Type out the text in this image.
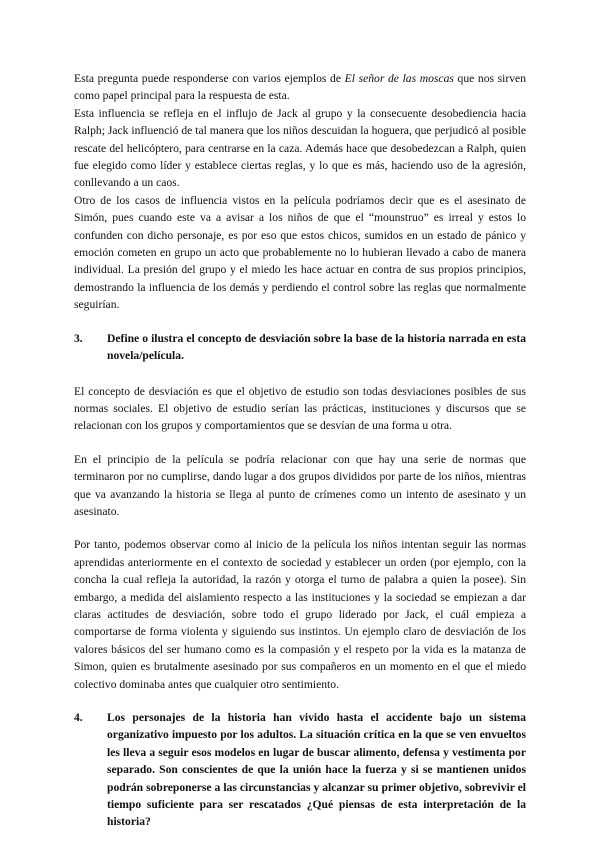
Esta pregunta puede responderse con varios ejemplos de El señor de las moscas que nos sirven como papel principal para la respuesta de esta.

Esta influencia se refleja en el influjo de Jack al grupo y la consecuente desobediencia hacia Ralph; Jack influenció de tal manera que los niños descuidan la hoguera, que perjudicó al posible rescate del helicóptero, para centrarse en la caza. Además hace que desobedezcan a Ralph, quien fue elegido como líder y establece ciertas reglas, y lo que es más, haciendo uso de la agresión, conllevando a un caos.

Otro de los casos de influencia vistos en la película podríamos decir que es el asesinato de Simón, pues cuando este va a avisar a los niños de que el “mounstruo” es irreal y estos lo confunden con dicho personaje, es por eso que estos chicos, sumidos en un estado de pánico y emoción cometen en grupo un acto que probablemente no lo hubieran llevado a cabo de manera individual. La presión del grupo y el miedo les hace actuar en contra de sus propios principios, demostrando la influencia de los demás y perdiendo el control sobre las reglas que normalmente seguirían.

3.	Define o ilustra el concepto de desviación sobre la base de la historia narrada en esta novela/película.

El concepto de desviación es que el objetivo de estudio son todas desviaciones posibles de sus normas sociales. El objetivo de estudio serían las prácticas, instituciones y discursos que se relacionan con los grupos y comportamientos que se desvían de una forma u otra.

En el principio de la película se podría relacionar con que hay una serie de normas que terminaron por no cumplirse, dando lugar a dos grupos divididos por parte de los niños, mientras que va avanzando la historia se llega al punto de crímenes como un intento de asesinato y un asesinato.

Por tanto, podemos observar como al inicio de la película los niños intentan seguir las normas aprendidas anteriormente en el contexto de sociedad y establecer un orden (por ejemplo, con la concha la cual refleja la autoridad, la razón y otorga el turno de palabra a quien la posee). Sin embargo, a medida del aislamiento respecto a las instituciones y la sociedad se empiezan a dar claras actitudes de desviación, sobre todo el grupo liderado por Jack, el cuál empieza a comportarse de forma violenta y siguiendo sus instintos. Un ejemplo claro de desviación de los valores básicos del ser humano como es la compasión y el respeto por la vida es la matanza de Simon, quien es brutalmente asesinado por sus compañeros en un momento en el que el miedo colectivo dominaba antes que cualquier otro sentimiento.

4.	Los personajes de la historia han vivido hasta el accidente bajo un sistema organizativo impuesto por los adultos. La situación crítica en la que se ven envueltos les lleva a seguir esos modelos en lugar de buscar alimento, defensa y vestimenta por separado. Son conscientes de que la unión hace la fuerza y si se mantienen unidos podrán sobreponerse a las circunstancias y alcanzar su primer objetivo, sobrevivir el tiempo suficiente para ser rescatados ¿Qué piensas de esta interpretación de la historia?
